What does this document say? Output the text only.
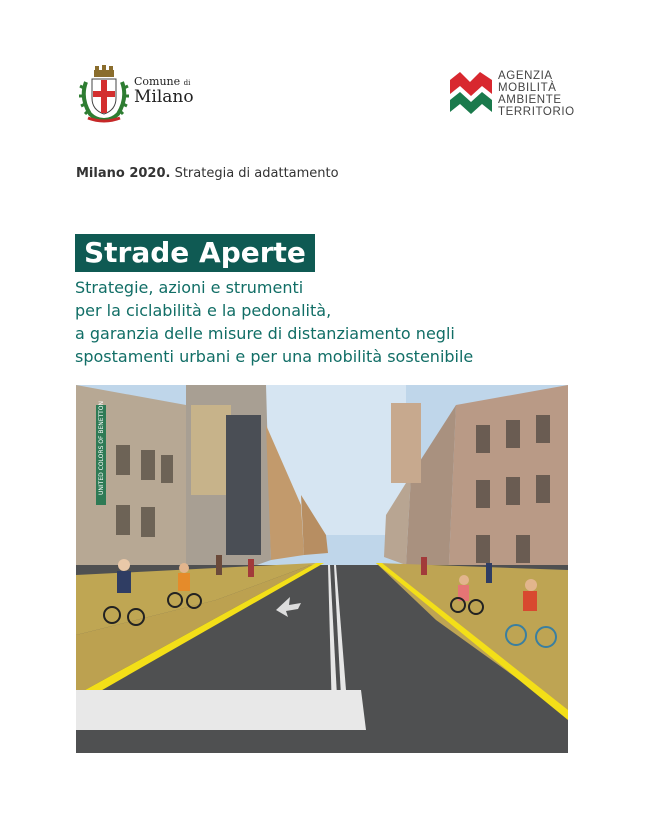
Comune di
Milano
AGENZIA
MOBILITÀ
AMBIENTE
TERRITORIO
Milano 2020. Strategia di adattamento
Strade Aperte
Strategie, azioni e strumenti
per la ciclabilità e la pedonalità,
a garanzia delle misure di distanziamento negli
spostamenti urbani e per una mobilità sostenibile
UNITED COLORS OF BENETTON
